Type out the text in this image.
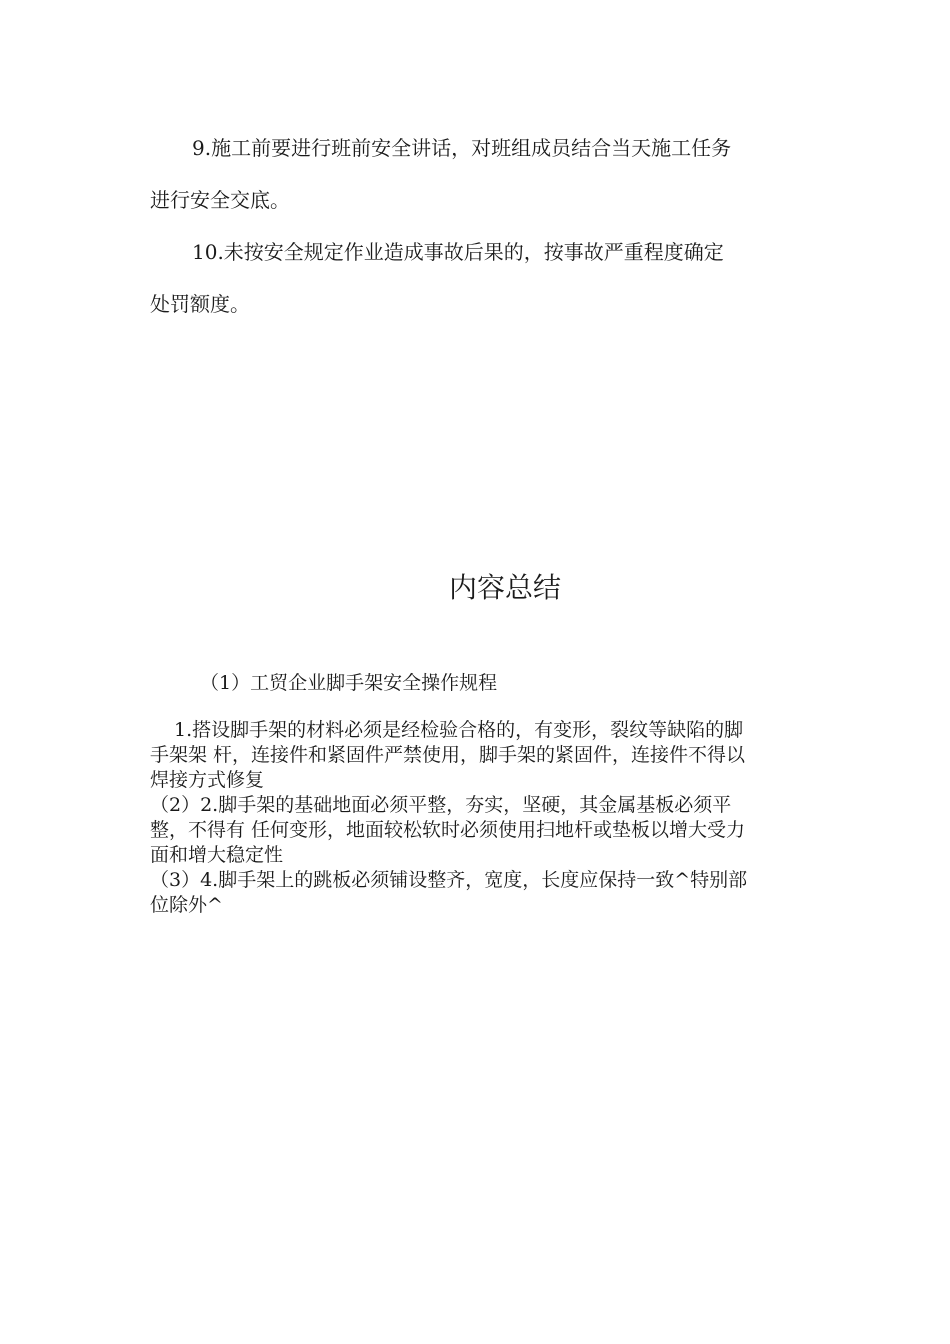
9.施工前要进行班前安全讲话，对班组成员结合当天施工任务
进行安全交底。
10.未按安全规定作业造成事故后果的，按事故严重程度确定
处罚额度。
内容总结

（1）工贸企业脚手架安全操作规程

1.搭设脚手架的材料必须是经检验合格的，有变形，裂纹等缺陷的脚
手架架 杆，连接件和紧固件严禁使用，脚手架的紧固件，连接件不得以
焊接方式修复
（2）2.脚手架的基础地面必须平整，夯实，坚硬，其金属基板必须平
整，不得有 任何变形，地面较松软时必须使用扫地杆或垫板以增大受力
面和增大稳定性
（3）4.脚手架上的跳板必须铺设整齐，宽度，长度应保持一致^特别部
位除外^
